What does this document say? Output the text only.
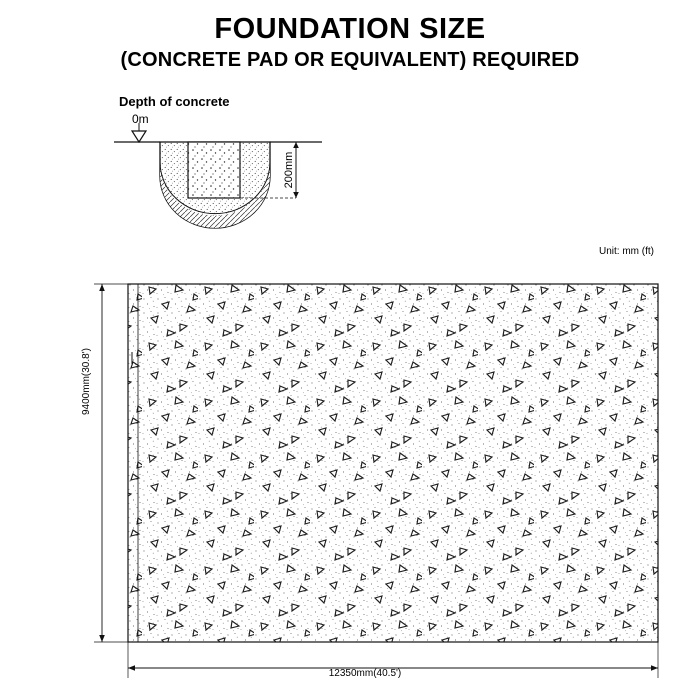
FOUNDATION SIZE
(CONCRETE PAD OR EQUIVALENT) REQUIRED
Depth of concrete
0m
200mm
Unit: mm (ft)
9400mm(30.8')
12350mm(40.5')
